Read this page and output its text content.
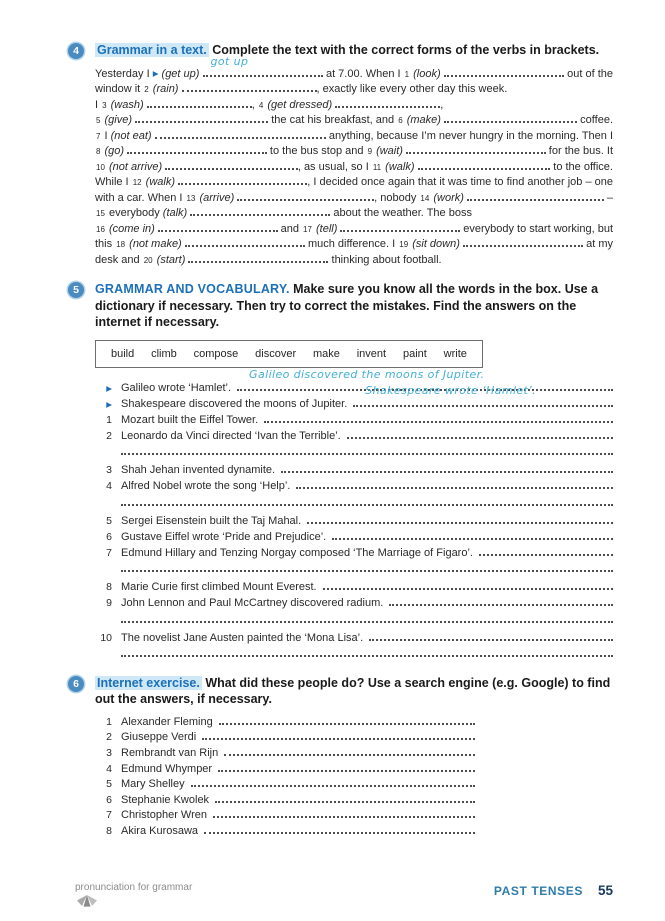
4	Grammar in a text. Complete the text with the correct forms of the verbs in brackets.
Yesterday I ▶ (get up)
got up
at 7.00. When I 1 (look)	out of the
window it 2 (rain)	, exactly like every other day this week.
I 3 (wash)	, 4 (get dressed)	,
5 (give)	the cat his breakfast, and 6 (make)	coffee.
7 I (not eat)	anything, because I’m never hungry in the morning. Then I
8 (go)	to the bus stop and 9 (wait)	for the bus. It
10 (not arrive)	, as usual, so I 11 (walk)	to the office.
While I 12 (walk)	, I decided once again that it was time to find another job – one
with a car. When I 13 (arrive)	, nobody 14 (work)	–
15 everybody (talk)	about the weather. The boss
16 (come in)	and 17 (tell)	everybody to start working, but
this 18 (not make)	much difference. I 19 (sit down)	at my
desk and 20 (start)	thinking about football.
5	GRAMMAR AND VOCABULARY. Make sure you know all the words in the box. Use a dictionary if necessary. Then try to correct the mistakes. Find the answers on the internet if necessary.
build climb compose discover make invent paint write
▶ Galileo wrote ‘Hamlet’.
Galileo discovered the moons of Jupiter.
▶ Shakespeare discovered the moons of Jupiter.
Shakespeare wrote ‘Hamlet’.
1 Mozart built the Eiffel Tower.
2 Leonardo da Vinci directed ‘Ivan the Terrible’.
3 Shah Jehan invented dynamite.
4 Alfred Nobel wrote the song ‘Help’.
5 Sergei Eisenstein built the Taj Mahal.
6 Gustave Eiffel wrote ‘Pride and Prejudice’.
7 Edmund Hillary and Tenzing Norgay composed ‘The Marriage of Figaro’.
8 Marie Curie first climbed Mount Everest.
9 John Lennon and Paul McCartney discovered radium.
10 The novelist Jane Austen painted the ‘Mona Lisa’.
6	Internet exercise. What did these people do? Use a search engine (e.g. Google) to find out the answers, if necessary.
1 Alexander Fleming
2 Giuseppe Verdi
3 Rembrandt van Rijn
4 Edmund Whymper
5 Mary Shelley
6 Stephanie Kwolek
7 Christopher Wren
8 Akira Kurosawa
pronunciation for grammar	PAST TENSES 55
